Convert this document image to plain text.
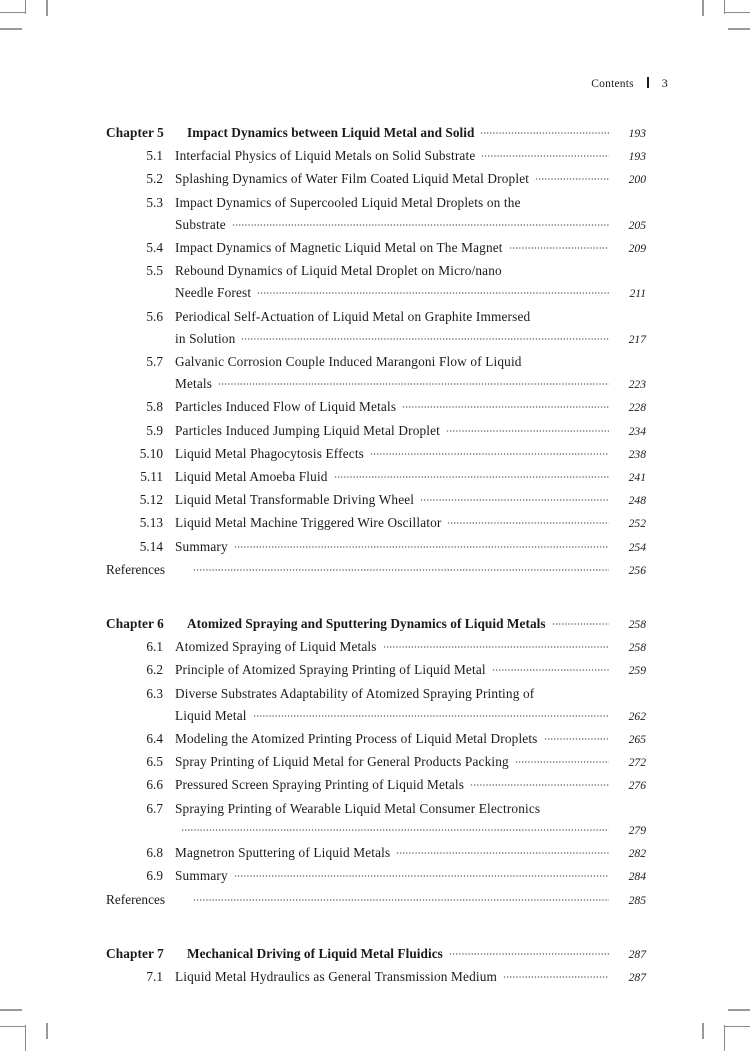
Contents 3
Chapter 5	Impact Dynamics between Liquid Metal and Solid	193
5.1 Interfacial Physics of Liquid Metals on Solid Substrate	193
5.2 Splashing Dynamics of Water Film Coated Liquid Metal Droplet	200
5.3 Impact Dynamics of Supercooled Liquid Metal Droplets on the
Substrate	205
5.4 Impact Dynamics of Magnetic Liquid Metal on The Magnet	209
5.5 Rebound Dynamics of Liquid Metal Droplet on Micro/nano
Needle Forest	211
5.6 Periodical Self-Actuation of Liquid Metal on Graphite Immersed
in Solution	217
5.7 Galvanic Corrosion Couple Induced Marangoni Flow of Liquid
Metals	223
5.8 Particles Induced Flow of Liquid Metals	228
5.9 Particles Induced Jumping Liquid Metal Droplet	234
5.10 Liquid Metal Phagocytosis Effects	238
5.11 Liquid Metal Amoeba Fluid	241
5.12 Liquid Metal Transformable Driving Wheel	248
5.13 Liquid Metal Machine Triggered Wire Oscillator	252
5.14 Summary	254
References	256
Chapter 6	Atomized Spraying and Sputtering Dynamics of Liquid Metals	258
6.1 Atomized Spraying of Liquid Metals	258
6.2 Principle of Atomized Spraying Printing of Liquid Metal	259
6.3 Diverse Substrates Adaptability of Atomized Spraying Printing of
Liquid Metal	262
6.4 Modeling the Atomized Printing Process of Liquid Metal Droplets	265
6.5 Spray Printing of Liquid Metal for General Products Packing	272
6.6 Pressured Screen Spraying Printing of Liquid Metals	276
6.7 Spraying Printing of Wearable Liquid Metal Consumer Electronics
279
6.8 Magnetron Sputtering of Liquid Metals	282
6.9 Summary	284
References	285
Chapter 7	Mechanical Driving of Liquid Metal Fluidics	287
7.1 Liquid Metal Hydraulics as General Transmission Medium	287
